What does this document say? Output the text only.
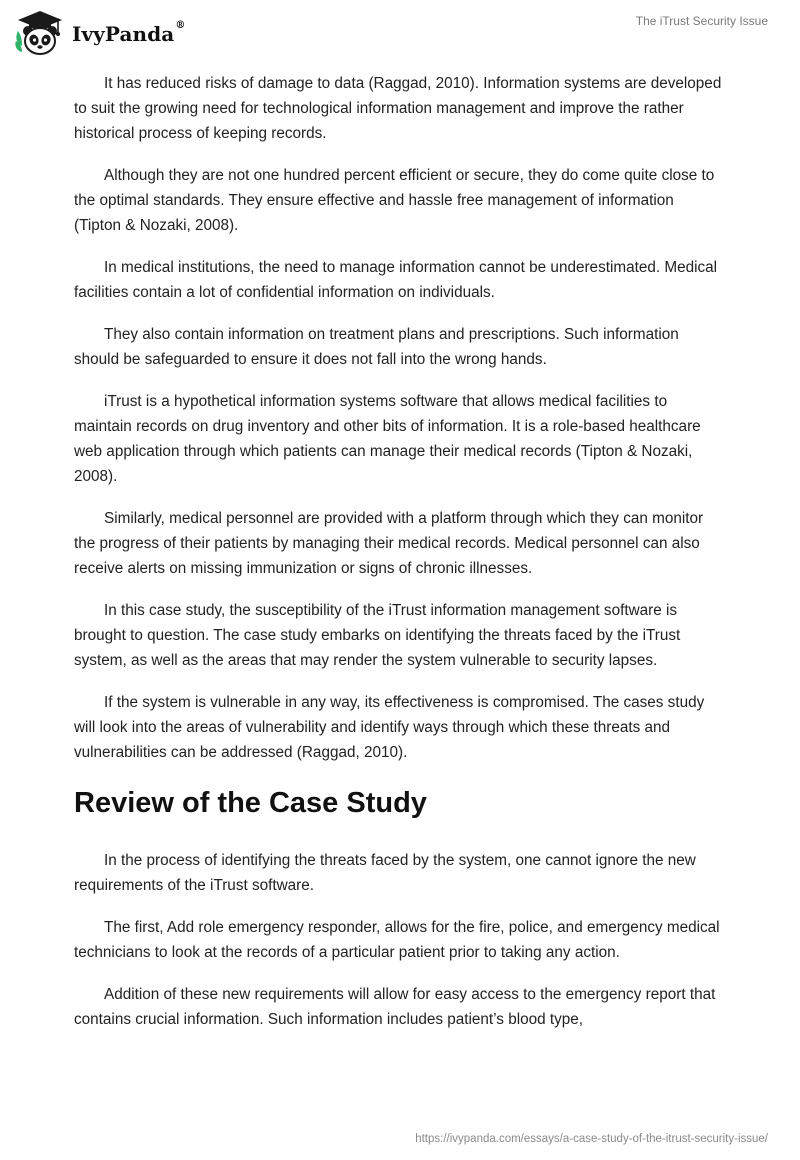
IvyPanda®	The iTrust Security Issue

It has reduced risks of damage to data (Raggad, 2010). Information systems are developed to suit the growing need for technological information management and improve the rather historical process of keeping records.

Although they are not one hundred percent efficient or secure, they do come quite close to the optimal standards. They ensure effective and hassle free management of information (Tipton & Nozaki, 2008).

In medical institutions, the need to manage information cannot be underestimated. Medical facilities contain a lot of confidential information on individuals.

They also contain information on treatment plans and prescriptions. Such information should be safeguarded to ensure it does not fall into the wrong hands.

iTrust is a hypothetical information systems software that allows medical facilities to maintain records on drug inventory and other bits of information. It is a role-based healthcare web application through which patients can manage their medical records (Tipton & Nozaki, 2008).

Similarly, medical personnel are provided with a platform through which they can monitor the progress of their patients by managing their medical records. Medical personnel can also receive alerts on missing immunization or signs of chronic illnesses.

In this case study, the susceptibility of the iTrust information management software is brought to question. The case study embarks on identifying the threats faced by the iTrust system, as well as the areas that may render the system vulnerable to security lapses.

If the system is vulnerable in any way, its effectiveness is compromised. The cases study will look into the areas of vulnerability and identify ways through which these threats and vulnerabilities can be addressed (Raggad, 2010).

Review of the Case Study

In the process of identifying the threats faced by the system, one cannot ignore the new requirements of the iTrust software.

The first, Add role emergency responder, allows for the fire, police, and emergency medical technicians to look at the records of a particular patient prior to taking any action.

Addition of these new requirements will allow for easy access to the emergency report that contains crucial information. Such information includes patient’s blood type,

https://ivypanda.com/essays/a-case-study-of-the-itrust-security-issue/
